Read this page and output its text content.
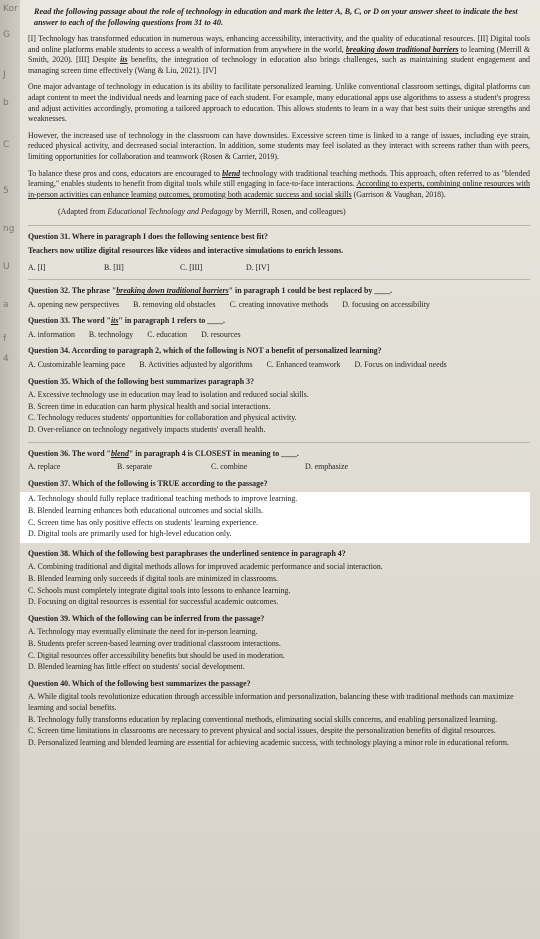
Kor
G
J
b
C
5
ng
U
a
f
4
Read the following passage about the role of technology in education and mark the letter A, B, C, or D on your answer sheet to indicate the best answer to each of the following questions from 31 to 40.
[I] Technology has transformed education in numerous ways, enhancing accessibility, interactivity, and the quality of educational resources. [II] Digital tools and online platforms enable students to access a wealth of information from anywhere in the world, breaking down traditional barriers to learning (Merrill & Smith, 2020). [III] Despite its benefits, the integration of technology in education also brings challenges, such as maintaining student engagement and managing screen time effectively (Wang & Liu, 2021). [IV]
One major advantage of technology in education is its ability to facilitate personalized learning. Unlike conventional classroom settings, digital platforms can adapt content to meet the individual needs and learning pace of each student. For example, many educational apps use algorithms to assess a student's progress and adjust activities accordingly, promoting a tailored approach to education. This allows students to learn in a way that best suits their unique strengths and weaknesses.
However, the increased use of technology in the classroom can have downsides. Excessive screen time is linked to a range of issues, including eye strain, reduced physical activity, and decreased social interaction. In addition, some students may feel isolated as they interact with screens rather than with peers, limiting opportunities for collaboration and teamwork (Rosen & Carrier, 2019).
To balance these pros and cons, educators are encouraged to blend technology with traditional teaching methods. This approach, often referred to as "blended learning," enables students to benefit from digital tools while still engaging in face-to-face interactions. According to experts, combining online resources with in-person activities can enhance learning outcomes, promoting both academic success and social skills (Garrison & Vaughan, 2018).
(Adapted from Educational Technology and Pedagogy by Merrill, Rosen, and colleagues)
Question 31. Where in paragraph I does the following sentence best fit?
Teachers now utilize digital resources like videos and interactive simulations to enrich lessons.
A. [I]	B. [II]	C. [III]	D. [IV]
Question 32. The phrase "breaking down traditional barriers" in paragraph 1 could be best replaced by ____.
A. opening new perspectives	B. removing old obstacles	C. creating innovative methods	D. focusing on accessibility
Question 33. The word "its" in paragraph 1 refers to ____.
A. information	B. technology	C. education	D. resources
Question 34. According to paragraph 2, which of the following is NOT a benefit of personalized learning?
A. Customizable learning pace	B. Activities adjusted by algorithms	C. Enhanced teamwork	D. Focus on individual needs
Question 35. Which of the following best summarizes paragraph 3?
A. Excessive technology use in education may lead to isolation and reduced social skills.
B. Screen time in education can harm physical health and social interactions.
C. Technology reduces students' opportunities for collaboration and physical activity.
D. Over-reliance on technology negatively impacts students' overall health.
Question 36. The word "blend" in paragraph 4 is CLOSEST in meaning to ____.
A. replace	B. separate	C. combine	D. emphasize
Question 37. Which of the following is TRUE according to the passage?
A. Technology should fully replace traditional teaching methods to improve learning.
B. Blended learning enhances both educational outcomes and social skills.
C. Screen time has only positive effects on students' learning experience.
D. Digital tools are primarily used for high-level education only.
Question 38. Which of the following best paraphrases the underlined sentence in paragraph 4?
A. Combining traditional and digital methods allows for improved academic performance and social interaction.
B. Blended learning only succeeds if digital tools are minimized in classrooms.
C. Schools must completely integrate digital tools into lessons to enhance learning.
D. Focusing on digital resources is essential for successful academic outcomes.
Question 39. Which of the following can be inferred from the passage?
A. Technology may eventually eliminate the need for in-person learning.
B. Students prefer screen-based learning over traditional classroom interactions.
C. Digital resources offer accessibility benefits but should be used in moderation.
D. Blended learning has little effect on students' social development.
Question 40. Which of the following best summarizes the passage?
A. While digital tools revolutionize education through accessible information and personalization, balancing these with traditional methods can maximize learning and social benefits.
B. Technology fully transforms education by replacing conventional methods, eliminating social skills concerns, and enabling personalized learning.
C. Screen time limitations in classrooms are necessary to prevent physical and social issues, despite the personalization benefits of digital resources.
D. Personalized learning and blended learning are essential for achieving academic success, with technology playing a minor role in educational reform.
